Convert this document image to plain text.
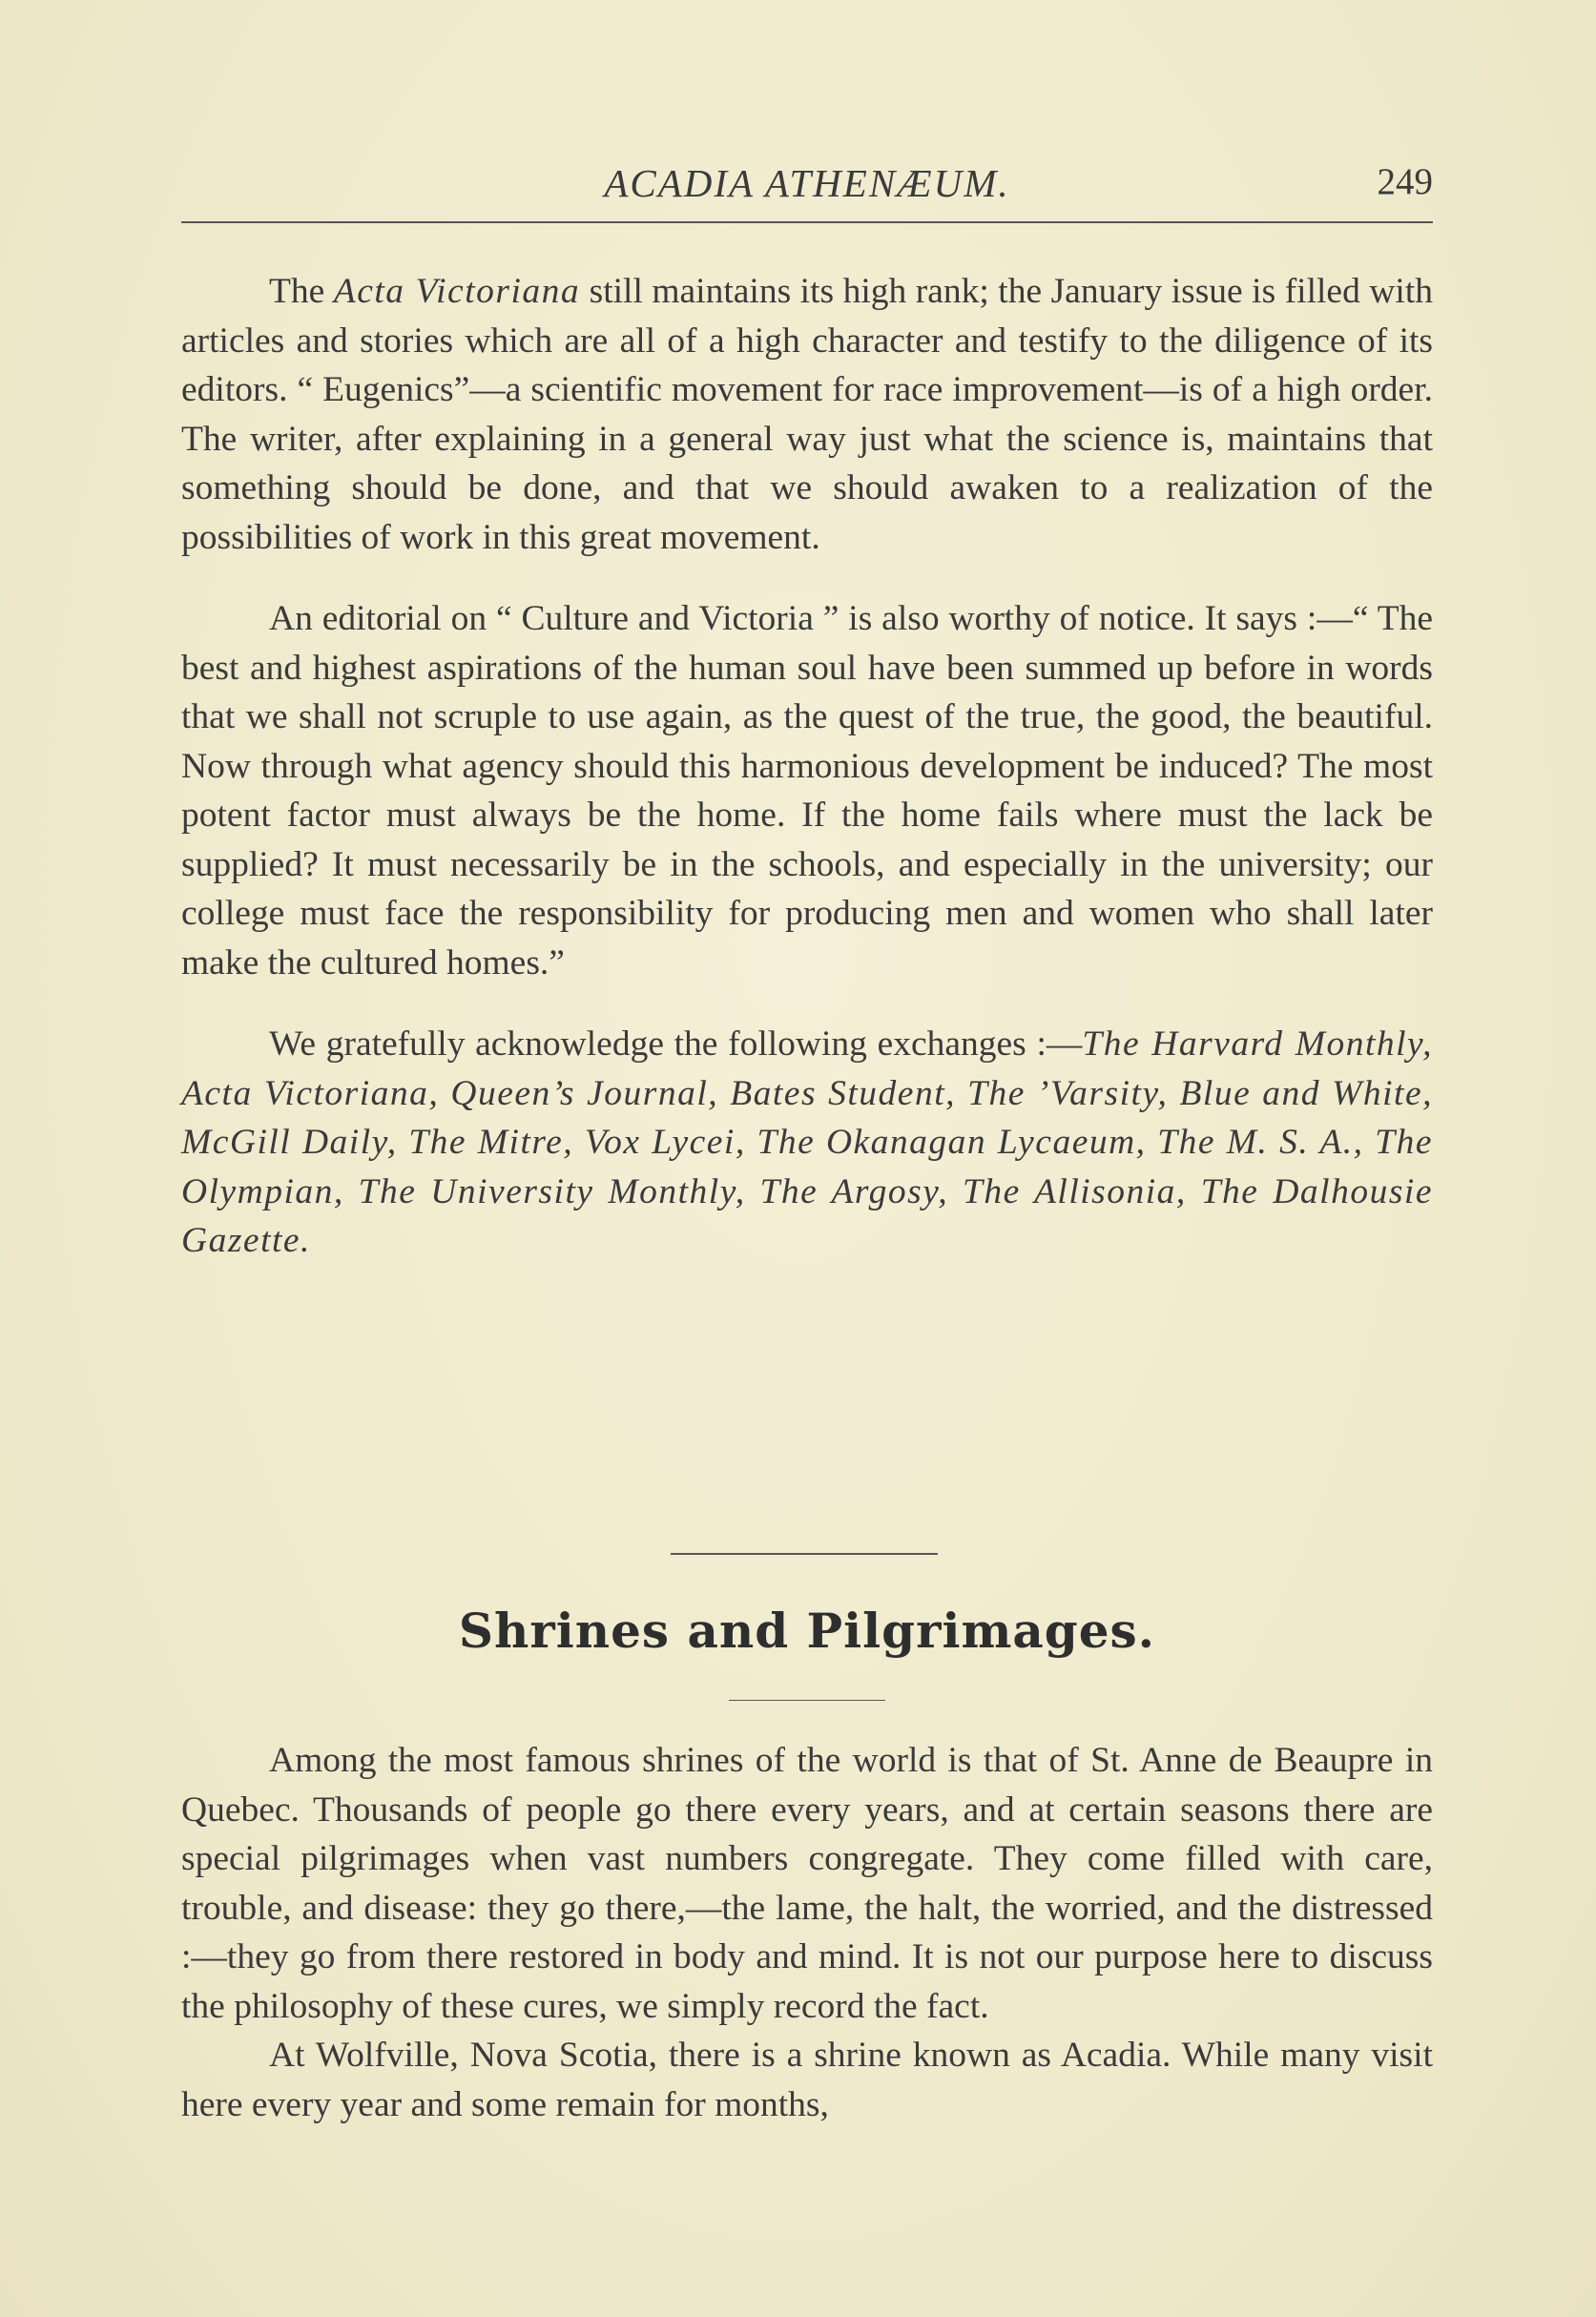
ACADIA ATHENÆUM.	249

The Acta Victoriana still maintains its high rank; the January issue is filled with articles and stories which are all of a high character and testify to the diligence of its editors. “ Eugenics”—a scientific movement for race improvement—is of a high order. The writer, after explaining in a general way just what the science is, maintains that something should be done, and that we should awaken to a realization of the possibilities of work in this great movement.

An editorial on “ Culture and Victoria ” is also worthy of notice. It says :—“ The best and highest aspirations of the human soul have been summed up before in words that we shall not scruple to use again, as the quest of the true, the good, the beautiful. Now through what agency should this harmonious development be induced? The most potent factor must always be the home. If the home fails where must the lack be supplied? It must necessarily be in the schools, and especially in the university; our college must face the responsibility for producing men and women who shall later make the cultured homes.”

We gratefully acknowledge the following exchanges :—The Harvard Monthly, Acta Victoriana, Queen’s Journal, Bates Student, The ’Varsity, Blue and White, McGill Daily, The Mitre, Vox Lycei, The Okanagan Lycaeum, The M. S. A., The Olympian, The University Monthly, The Argosy, The Allisonia, The Dalhousie Gazette.

Shrines and Pilgrimages.

Among the most famous shrines of the world is that of St. Anne de Beaupre in Quebec. Thousands of people go there every years, and at certain seasons there are special pilgrimages when vast numbers congregate. They come filled with care, trouble, and disease: they go there,—the lame, the halt, the worried, and the distressed :—they go from there restored in body and mind. It is not our purpose here to discuss the philosophy of these cures, we simply record the fact.

At Wolfville, Nova Scotia, there is a shrine known as Acadia. While many visit here every year and some remain for months,
